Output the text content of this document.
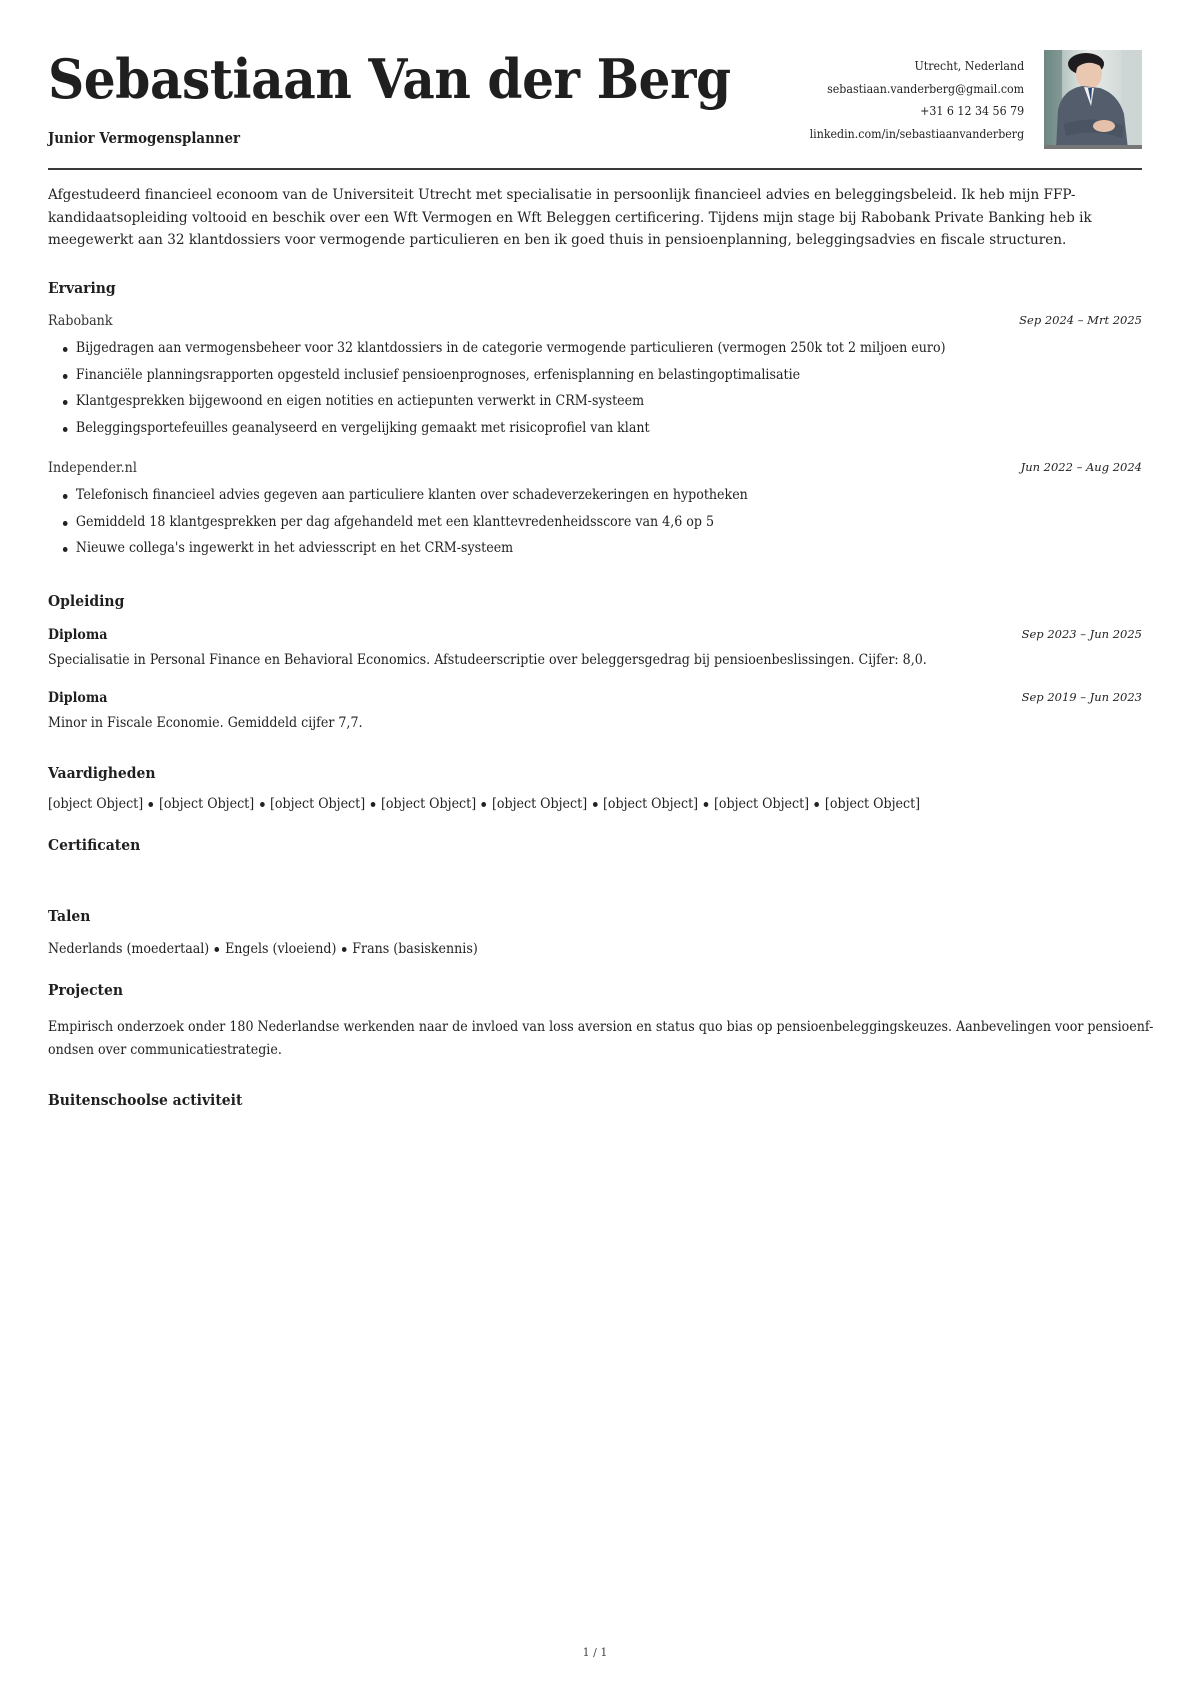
Sebastiaan Van der Berg
Junior Vermogensplanner
Utrecht, Nederland
sebastiaan.vanderberg@gmail.com
+31 6 12 34 56 79
linkedin.com/in/sebastiaanvanderberg

Afgestudeerd financieel econoom van de Universiteit Utrecht met specialisatie in persoonlijk financieel advies en beleggingsbeleid. Ik heb mijn FFP-kandidaatsopleiding voltooid en beschik over een Wft Vermogen en Wft Beleggen certificering. Tijdens mijn stage bij Rabobank Private Banking heb ik meegewerkt aan 32 klantdossiers voor vermogende particulieren en ben ik goed thuis in pensioenplanning, beleggingsadvies en fiscale structuren.

Ervaring
Rabobank	Sep 2024 – Mrt 2025
Bijgedragen aan vermogensbeheer voor 32 klantdossiers in de categorie vermogende particulieren (vermogen 250k tot 2 miljoen euro)
Financiële planningsrapporten opgesteld inclusief pensioenprognoses, erfenisplanning en belastingoptimalisatie
Klantgesprekken bijgewoond en eigen notities en actiepunten verwerkt in CRM-systeem
Beleggingsportefeuilles geanalyseerd en vergelijking gemaakt met risicoprofiel van klant
Independer.nl	Jun 2022 – Aug 2024
Telefonisch financieel advies gegeven aan particuliere klanten over schadeverzekeringen en hypotheken
Gemiddeld 18 klantgesprekken per dag afgehandeld met een klanttevredenheidsscore van 4,6 op 5
Nieuwe collega's ingewerkt in het adviesscript en het CRM-systeem
Opleiding
Diploma	Sep 2023 – Jun 2025
Specialisatie in Personal Finance en Behavioral Economics. Afstudeerscriptie over beleggersgedrag bij pensioenbeslissingen. Cijfer: 8,0.
Diploma	Sep 2019 – Jun 2023
Minor in Fiscale Economie. Gemiddeld cijfer 7,7.
Vaardigheden
[object Object] [object Object] [object Object] [object Object] [object Object] [object Object] [object Object] [object Object]
Certificaten
Talen
Nederlands (moedertaal) Engels (vloeiend) Frans (basiskennis)
Projecten
Empirisch onderzoek onder 180 Nederlandse werkenden naar de invloed van loss aversion en status quo bias op pensioenbeleggingskeuzes. Aanbevelingen voor pensioenf-
ondsen over communicatiestrategie.
Buitenschoolse activiteit
1 / 1
